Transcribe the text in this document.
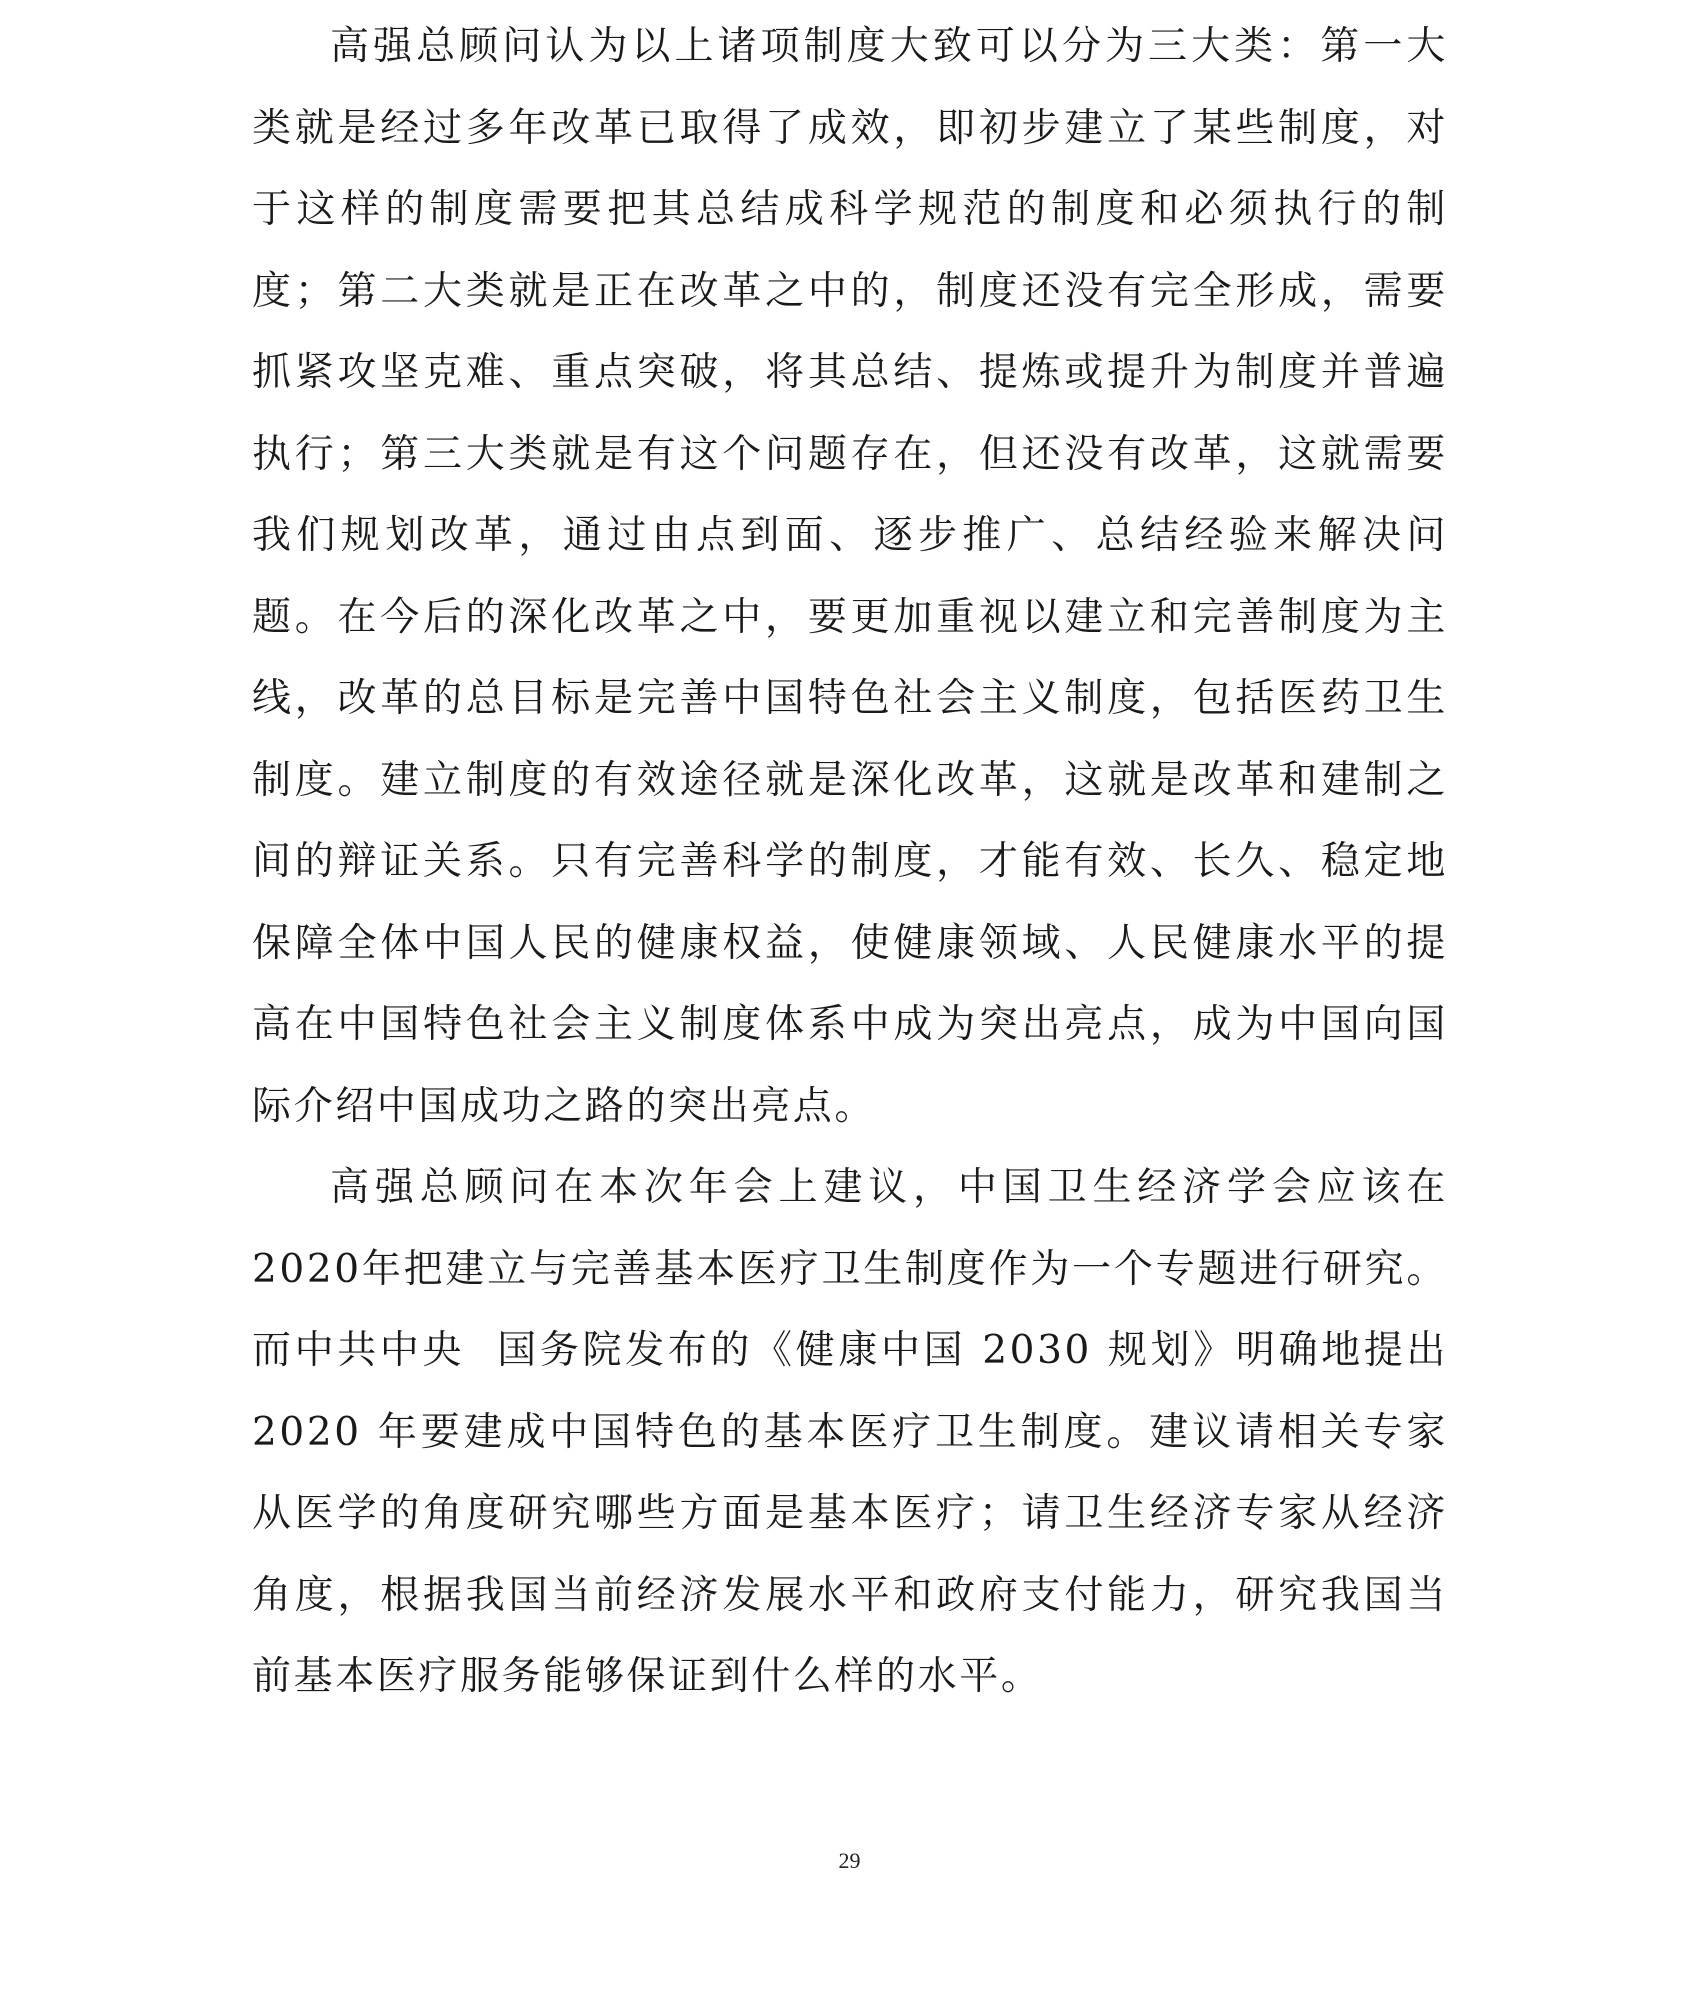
高强总顾问认为以上诸项制度大致可以分为三大类：第一大类就是经过多年改革已取得了成效，即初步建立了某些制度，对于这样的制度需要把其总结成科学规范的制度和必须执行的制度；第二大类就是正在改革之中的，制度还没有完全形成，需要抓紧攻坚克难、重点突破，将其总结、提炼或提升为制度并普遍执行；第三大类就是有这个问题存在，但还没有改革，这就需要我们规划改革，通过由点到面、逐步推广、总结经验来解决问题。在今后的深化改革之中，要更加重视以建立和完善制度为主线，改革的总目标是完善中国特色社会主义制度，包括医药卫生制度。建立制度的有效途径就是深化改革，这就是改革和建制之间的辩证关系。只有完善科学的制度，才能有效、长久、稳定地保障全体中国人民的健康权益，使健康领域、人民健康水平的提高在中国特色社会主义制度体系中成为突出亮点，成为中国向国际介绍中国成功之路的突出亮点。

高强总顾问在本次年会上建议，中国卫生经济学会应该在 2020年把建立与完善基本医疗卫生制度作为一个专题进行研究。而中共中央  国务院发布的《健康中国 2030 规划》明确地提出 2020 年要建成中国特色的基本医疗卫生制度。建议请相关专家从医学的角度研究哪些方面是基本医疗；请卫生经济专家从经济角度，根据我国当前经济发展水平和政府支付能力，研究我国当前基本医疗服务能够保证到什么样的水平。

29
